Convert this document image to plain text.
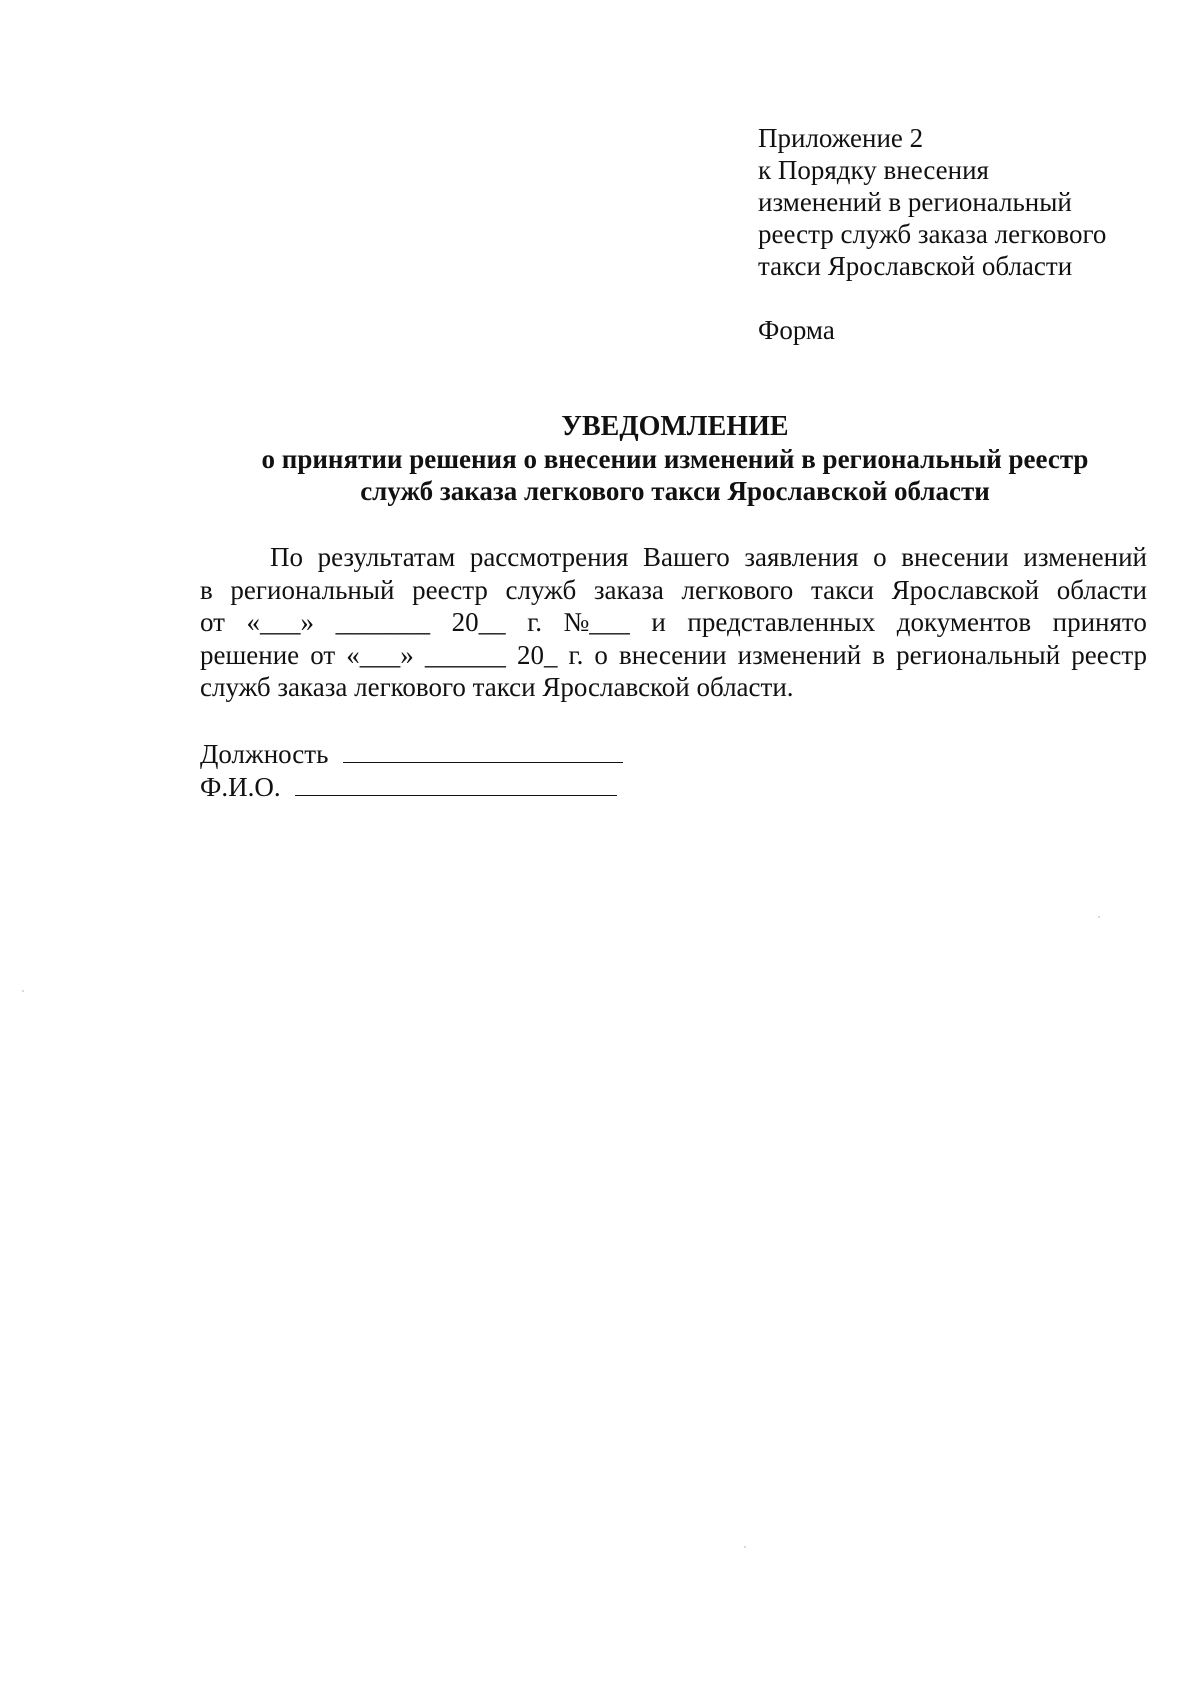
Приложение 2
к Порядку внесения
изменений в региональный
реестр служб заказа легкового
такси Ярославской области
Форма
УВЕДОМЛЕНИЕ
о принятии решения о внесении изменений в региональный реестр
служб заказа легкового такси Ярославской области
По результатам рассмотрения Вашего заявления о внесении изменений
в региональный реестр служб заказа легкового такси Ярославской области
от «___» _______ 20__ г. №___ и представленных документов принято
решение от «___» ______ 20_ г. о внесении изменений в региональный реестр
служб заказа легкового такси Ярославской области.
Должность
Ф.И.О.
